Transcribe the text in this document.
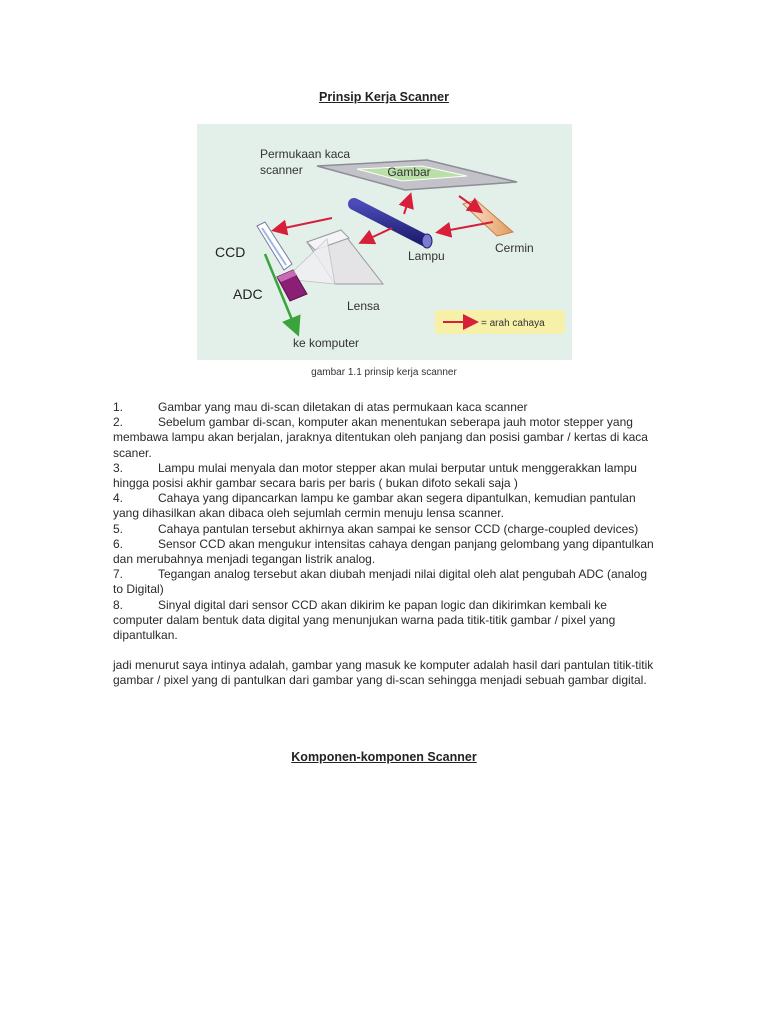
Prinsip Kerja Scanner
Gambar
Permukaan kaca
scanner
Lampu
Cermin
Lensa
CCD
ADC
ke komputer
= arah cahaya
gambar 1.1 prinsip kerja scanner

1.	Gambar yang mau di-scan diletakan di atas permukaan kaca scanner

2.	Sebelum gambar di-scan, komputer akan menentukan seberapa jauh motor stepper yang membawa lampu akan berjalan, jaraknya ditentukan oleh panjang dan posisi gambar / kertas di kaca scaner.

3.	Lampu mulai menyala dan motor stepper akan mulai berputar untuk menggerakkan lampu hingga posisi akhir gambar secara baris per baris ( bukan difoto sekali saja )

4.	Cahaya yang dipancarkan lampu ke gambar akan segera dipantulkan, kemudian pantulan yang dihasilkan akan dibaca oleh sejumlah cermin menuju lensa scanner.

5.	Cahaya pantulan tersebut akhirnya akan sampai ke sensor CCD (charge-coupled devices)

6.	Sensor CCD akan mengukur intensitas cahaya dengan panjang gelombang yang dipantulkan dan merubahnya menjadi tegangan listrik analog.

7.	Tegangan analog tersebut akan diubah menjadi nilai digital oleh alat pengubah ADC (analog to Digital)

8.	Sinyal digital dari sensor CCD akan dikirim ke papan logic dan dikirimkan kembali ke computer dalam bentuk data digital yang menunjukan warna pada titik-titik gambar / pixel yang dipantulkan.

jadi menurut saya intinya adalah, gambar yang masuk ke komputer adalah hasil dari pantulan titik-titik gambar / pixel yang di pantulkan dari gambar yang di-scan sehingga menjadi sebuah gambar digital.
Komponen-komponen Scanner
